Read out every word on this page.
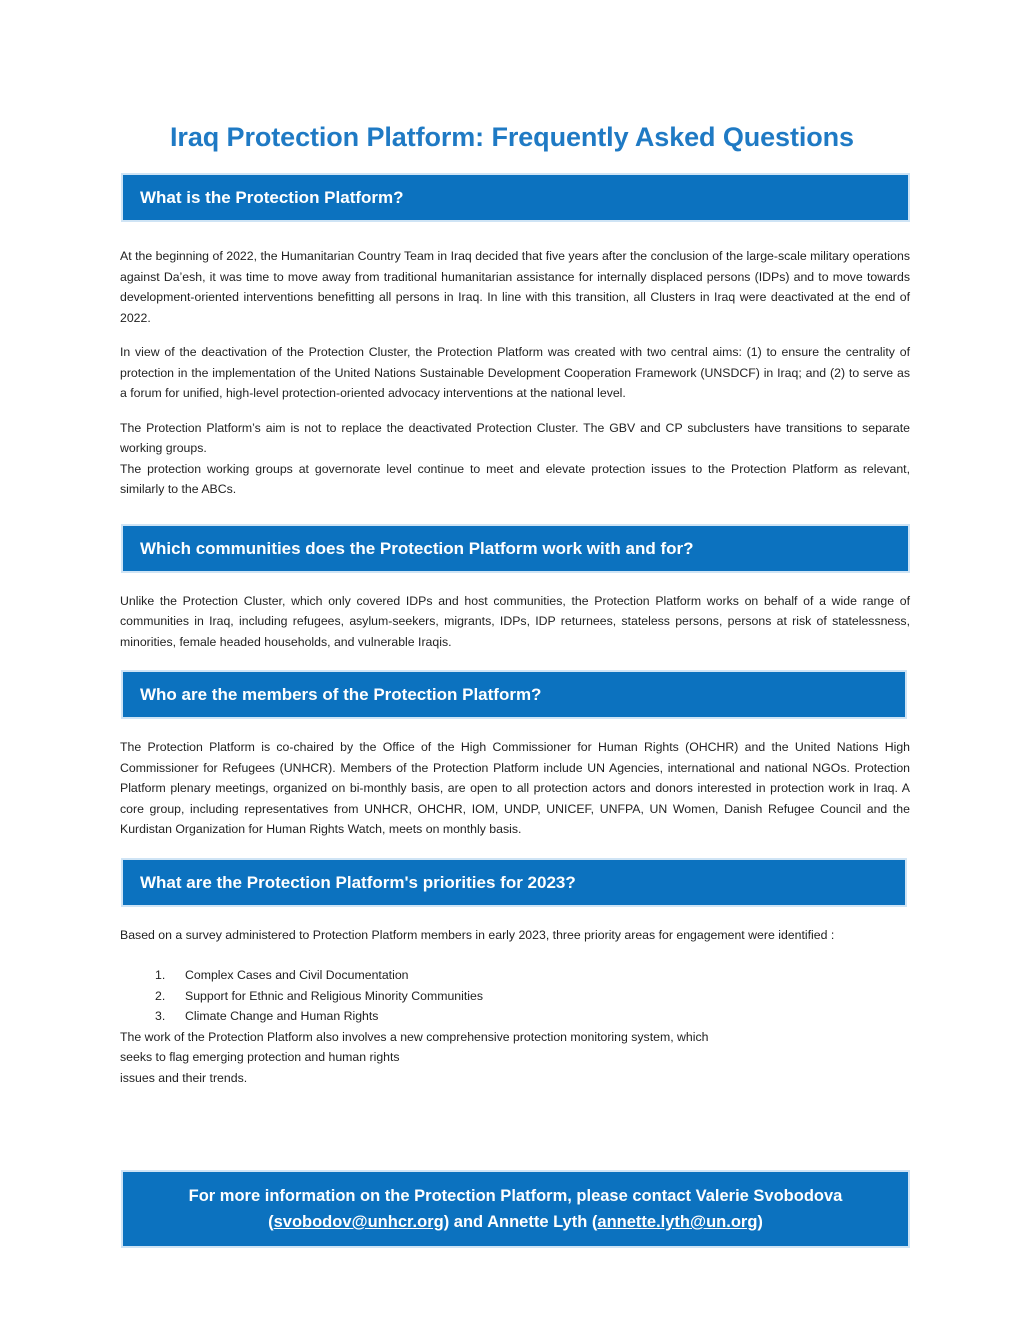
Iraq Protection Platform: Frequently Asked Questions
What is the Protection Platform?

At the beginning of 2022, the Humanitarian Country Team in Iraq decided that five years after the conclusion of the large-scale military operations against Da’esh, it was time to move away from traditional humanitarian assistance for internally displaced persons (IDPs) and to move towards development-oriented interventions benefitting all persons in Iraq. In line with this transition, all Clusters in Iraq were deactivated at the end of 2022.

In view of the deactivation of the Protection Cluster, the Protection Platform was created with two central aims: (1) to ensure the centrality of protection in the implementation of the United Nations Sustainable Development Cooperation Framework (UNSDCF) in Iraq; and (2) to serve as a forum for unified, high-level protection-oriented advocacy interventions at the national level.

The Protection Platform’s aim is not to replace the deactivated Protection Cluster. The GBV and CP subclusters have transitions to separate working groups.

The protection working groups at governorate level continue to meet and elevate protection issues to the Protection Platform as relevant, similarly to the ABCs.

Which communities does the Protection Platform work with and for?

Unlike the Protection Cluster, which only covered IDPs and host communities, the Protection Platform works on behalf of a wide range of communities in Iraq, including refugees, asylum-seekers, migrants, IDPs, IDP returnees, stateless persons, persons at risk of statelessness, minorities, female headed households, and vulnerable Iraqis.

Who are the members of the Protection Platform?

The Protection Platform is co-chaired by the Office of the High Commissioner for Human Rights (OHCHR) and the United Nations High Commissioner for Refugees (UNHCR). Members of the Protection Platform include UN Agencies, international and national NGOs. Protection Platform plenary meetings, organized on bi-monthly basis, are open to all protection actors and donors interested in protection work in Iraq. A core group, including representatives from UNHCR, OHCHR, IOM, UNDP, UNICEF, UNFPA, UN Women, Danish Refugee Council and the Kurdistan Organization for Human Rights Watch, meets on monthly basis.

What are the Protection Platform's priorities for 2023?

Based on a survey administered to Protection Platform members in early 2023, three priority areas for engagement were identified :

1.	Complex Cases and Civil Documentation
2.	Support for Ethnic and Religious Minority Communities
3.	Climate Change and Human Rights

The work of the Protection Platform also involves a new comprehensive protection monitoring system, which

seeks to flag emerging protection and human rights

issues and their trends.

For more information on the Protection Platform, please contact Valerie Svobodova (svobodov@unhcr.org) and Annette Lyth (annette.lyth@un.org)
